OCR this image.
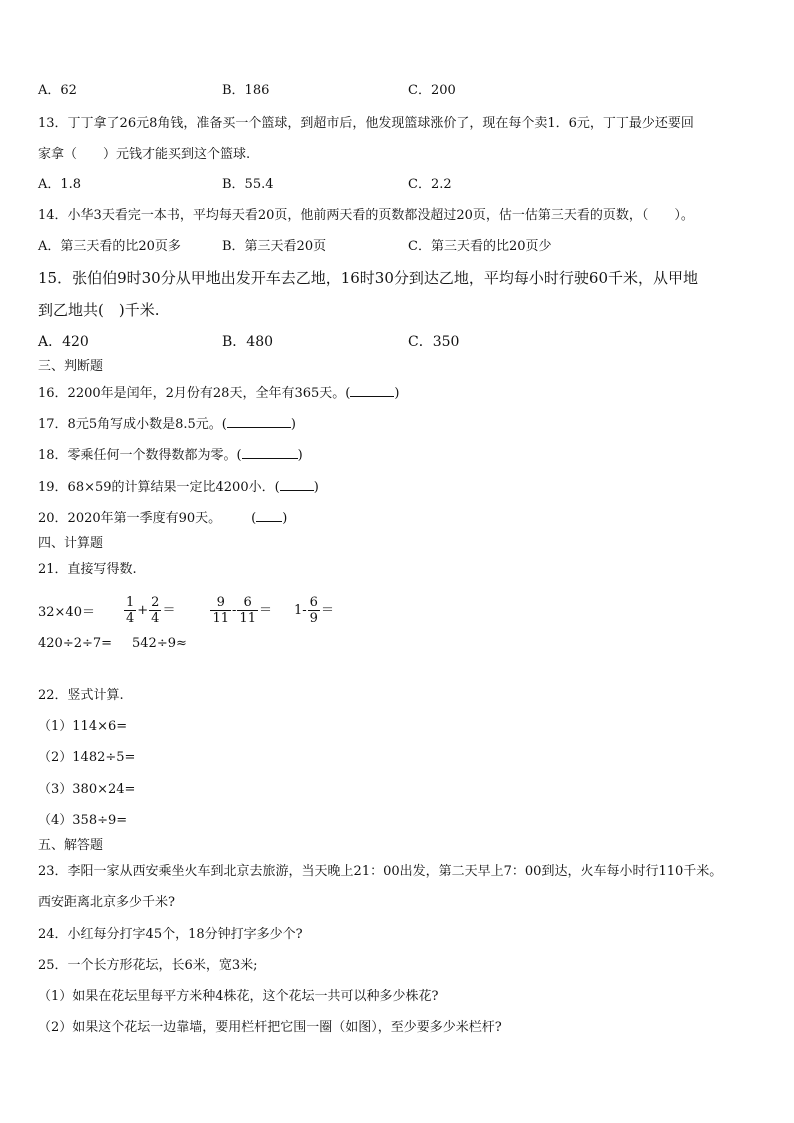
A．62	B．186	C．200
13．丁丁拿了26元8角钱，准备买一个篮球，到超市后，他发现篮球涨价了，现在每个卖1．6元，丁丁最少还要回
家拿（　　）元钱才能买到这个篮球.
A．1.8	B．55.4	C．2.2
14．小华3天看完一本书，平均每天看20页，他前两天看的页数都没超过20页，估一估第三天看的页数，（　　）。
A．第三天看的比20页多	B．第三天看20页	C．第三天看的比20页少
15．张伯伯9时30分从甲地出发开车去乙地，16时30分到达乙地，平均每小时行驶60千米，从甲地
到乙地共(　)千米.
A．420	B．480	C．350
三、判断题
16．2200年是闰年，2月份有28天，全年有365天。(	)
17．8元5角写成小数是8.5元。(	)
18．零乘任何一个数得数都为零。(	)
19．68×59的计算结果一定比4200小．(	)
20．2020年第一季度有90天。 ( )
四、计算题
21．直接写得数.
$32\times 40= \frac{1}{4} + \frac{2}{4}$ ＝	$\frac{9}{11} - \frac{6}{11} = 1- \frac{6}{9}$ ＝
420÷2÷7= 542÷9≈
22．竖式计算.
（1）114×6=
（2）1482÷5=
（3）380×24=
（4）358÷9=
五、解答题
23．李阳一家从西安乘坐火车到北京去旅游，当天晚上21：00出发，第二天早上7：00到达，火车每小时行110千米。
西安距离北京多少千米?
24．小红每分打字45个，18分钟打字多少个?
25．一个长方形花坛，长6米，宽3米;
（1）如果在花坛里每平方米种4株花，这个花坛一共可以种多少株花?
（2）如果这个花坛一边靠墙，要用栏杆把它围一圈（如图），至少要多少米栏杆?
